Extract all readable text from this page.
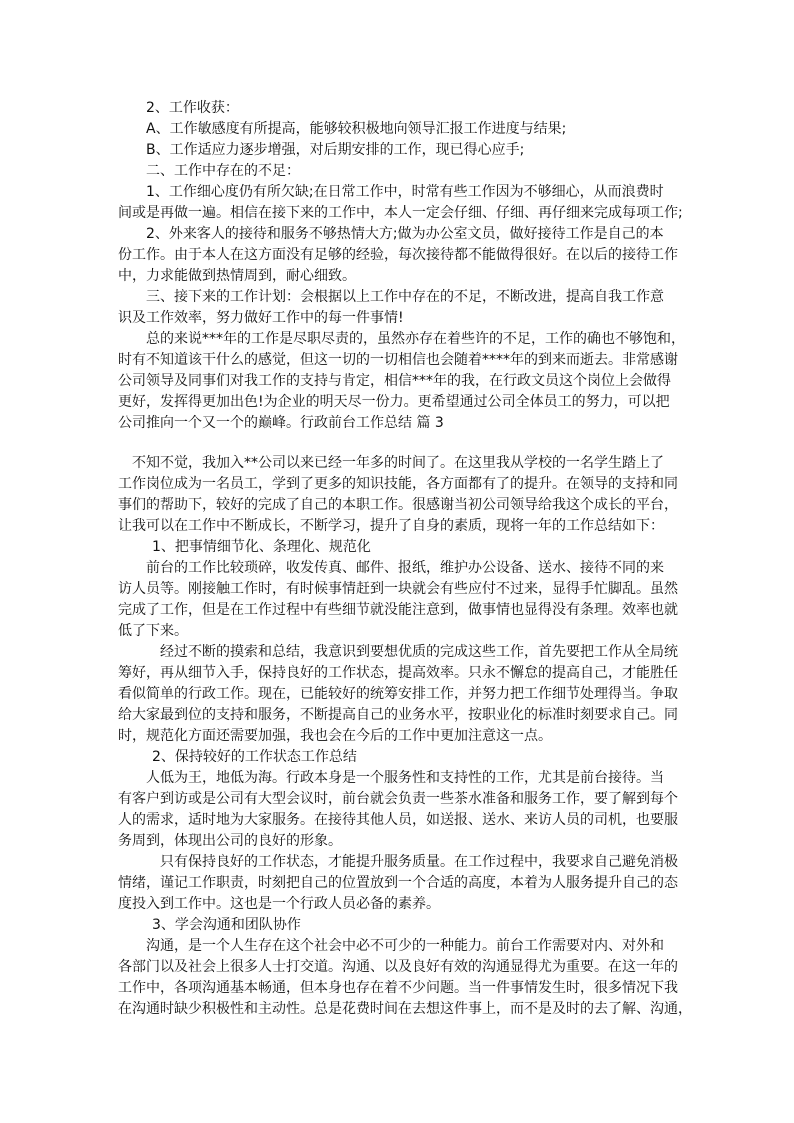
2、工作收获：
A、工作敏感度有所提高，能够较积极地向领导汇报工作进度与结果;
B、工作适应力逐步增强，对后期安排的工作，现已得心应手;
二、工作中存在的不足：
1、工作细心度仍有所欠缺;在日常工作中，时常有些工作因为不够细心，从而浪费时
间或是再做一遍。相信在接下来的工作中，本人一定会仔细、仔细、再仔细来完成每项工作;
2、外来客人的接待和服务不够热情大方;做为办公室文员，做好接待工作是自己的本
份工作。由于本人在这方面没有足够的经验，每次接待都不能做得很好。在以后的接待工作
中，力求能做到热情周到，耐心细致。
三、接下来的工作计划：会根据以上工作中存在的不足，不断改进，提高自我工作意
识及工作效率，努力做好工作中的每一件事情!
总的来说***年的工作是尽职尽责的，虽然亦存在着些许的不足，工作的确也不够饱和，
时有不知道该干什么的感觉，但这一切的一切相信也会随着****年的到来而逝去。非常感谢
公司领导及同事们对我工作的支持与肯定，相信***年的我，在行政文员这个岗位上会做得
更好，发挥得更加出色!为企业的明天尽一份力。更希望通过公司全体员工的努力，可以把
公司推向一个又一个的巅峰。行政前台工作总结 篇 3
不知不觉，我加入**公司以来已经一年多的时间了。在这里我从学校的一名学生踏上了
工作岗位成为一名员工，学到了更多的知识技能，各方面都有了的提升。在领导的支持和同
事们的帮助下，较好的完成了自己的本职工作。很感谢当初公司领导给我这个成长的平台，
让我可以在工作中不断成长，不断学习，提升了自身的素质，现将一年的工作总结如下：
1、把事情细节化、条理化、规范化
前台的工作比较琐碎，收发传真、邮件、报纸，维护办公设备、送水、接待不同的来
访人员等。刚接触工作时，有时候事情赶到一块就会有些应付不过来，显得手忙脚乱。虽然
完成了工作，但是在工作过程中有些细节就没能注意到，做事情也显得没有条理。效率也就
低了下来。
经过不断的摸索和总结，我意识到要想优质的完成这些工作，首先要把工作从全局统
筹好，再从细节入手，保持良好的工作状态，提高效率。只永不懈怠的提高自己，才能胜任
看似简单的行政工作。现在，已能较好的统筹安排工作，并努力把工作细节处理得当。争取
给大家最到位的支持和服务，不断提高自己的业务水平，按职业化的标准时刻要求自己。同
时，规范化方面还需要加强，我也会在今后的工作中更加注意这一点。
2、保持较好的工作状态工作总结
人低为王，地低为海。行政本身是一个服务性和支持性的工作，尤其是前台接待。当
有客户到访或是公司有大型会议时，前台就会负责一些茶水准备和服务工作，要了解到每个
人的需求，适时地为大家服务。在接待其他人员，如送报、送水、来访人员的司机，也要服
务周到，体现出公司的良好的形象。
只有保持良好的工作状态，才能提升服务质量。在工作过程中，我要求自己避免消极
情绪，谨记工作职责，时刻把自己的位置放到一个合适的高度，本着为人服务提升自己的态
度投入到工作中。这也是一个行政人员必备的素养。
3、学会沟通和团队协作
沟通，是一个人生存在这个社会中必不可少的一种能力。前台工作需要对内、对外和
各部门以及社会上很多人士打交道。沟通、以及良好有效的沟通显得尤为重要。在这一年的
工作中，各项沟通基本畅通，但本身也存在着不少问题。当一件事情发生时，很多情况下我
在沟通时缺少积极性和主动性。总是花费时间在去想这件事上，而不是及时的去了解、沟通，
